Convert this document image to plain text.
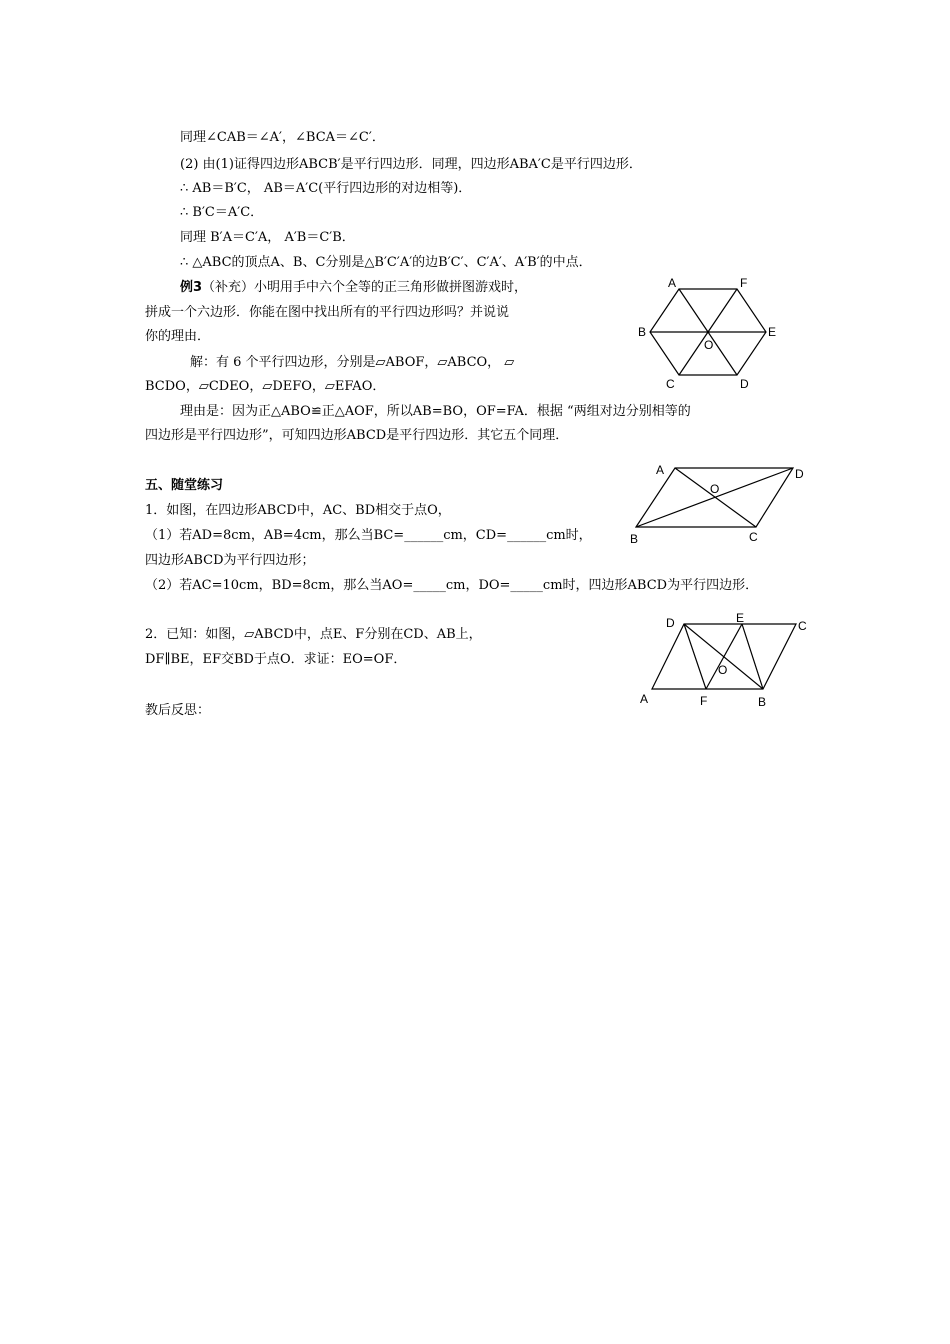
同理∠CAB＝∠A′，∠BCA＝∠C′．
(2) 由(1)证得四边形ABCB′是平行四边形．同理，四边形ABA′C是平行四边形．
∴ AB＝B′C， AB＝A′C(平行四边形的对边相等)．
∴ B′C＝A′C．
同理 B′A＝C′A， A′B＝C′B．
∴ △ABC的顶点A、B、C分别是△B′C′A′的边B′C′、C′A′、A′B′的中点．
例3（补充）小明用手中六个全等的正三角形做拼图游戏时，
拼成一个六边形．你能在图中找出所有的平行四边形吗？并说说
你的理由．
解：有 6 个平行四边形，分别是▱ABOF，▱ABCO， ▱
BCDO，▱CDEO，▱DEFO，▱EFAO．
理由是：因为正△ABO≌正△AOF，所以AB=BO，OF=FA．根据 “两组对边分别相等的
四边形是平行四边形”，可知四边形ABCD是平行四边形．其它五个同理．
五、随堂练习
1．如图，在四边形ABCD中，AC、BD相交于点O，
（1）若AD=8cm，AB=4cm，那么当BC=______cm，CD=______cm时，
四边形ABCD为平行四边形；
（2）若AC=10cm，BD=8cm，那么当AO=_____cm，DO=_____cm时，四边形ABCD为平行四边形．
2．已知：如图，▱ABCD中，点E、F分别在CD、AB上，
DF∥BE，EF交BD于点O．求证：EO=OF．
教后反思：
A	F
B	E
O
C	D
A	D
O
B	C
D	E
C
O
A	F	B
